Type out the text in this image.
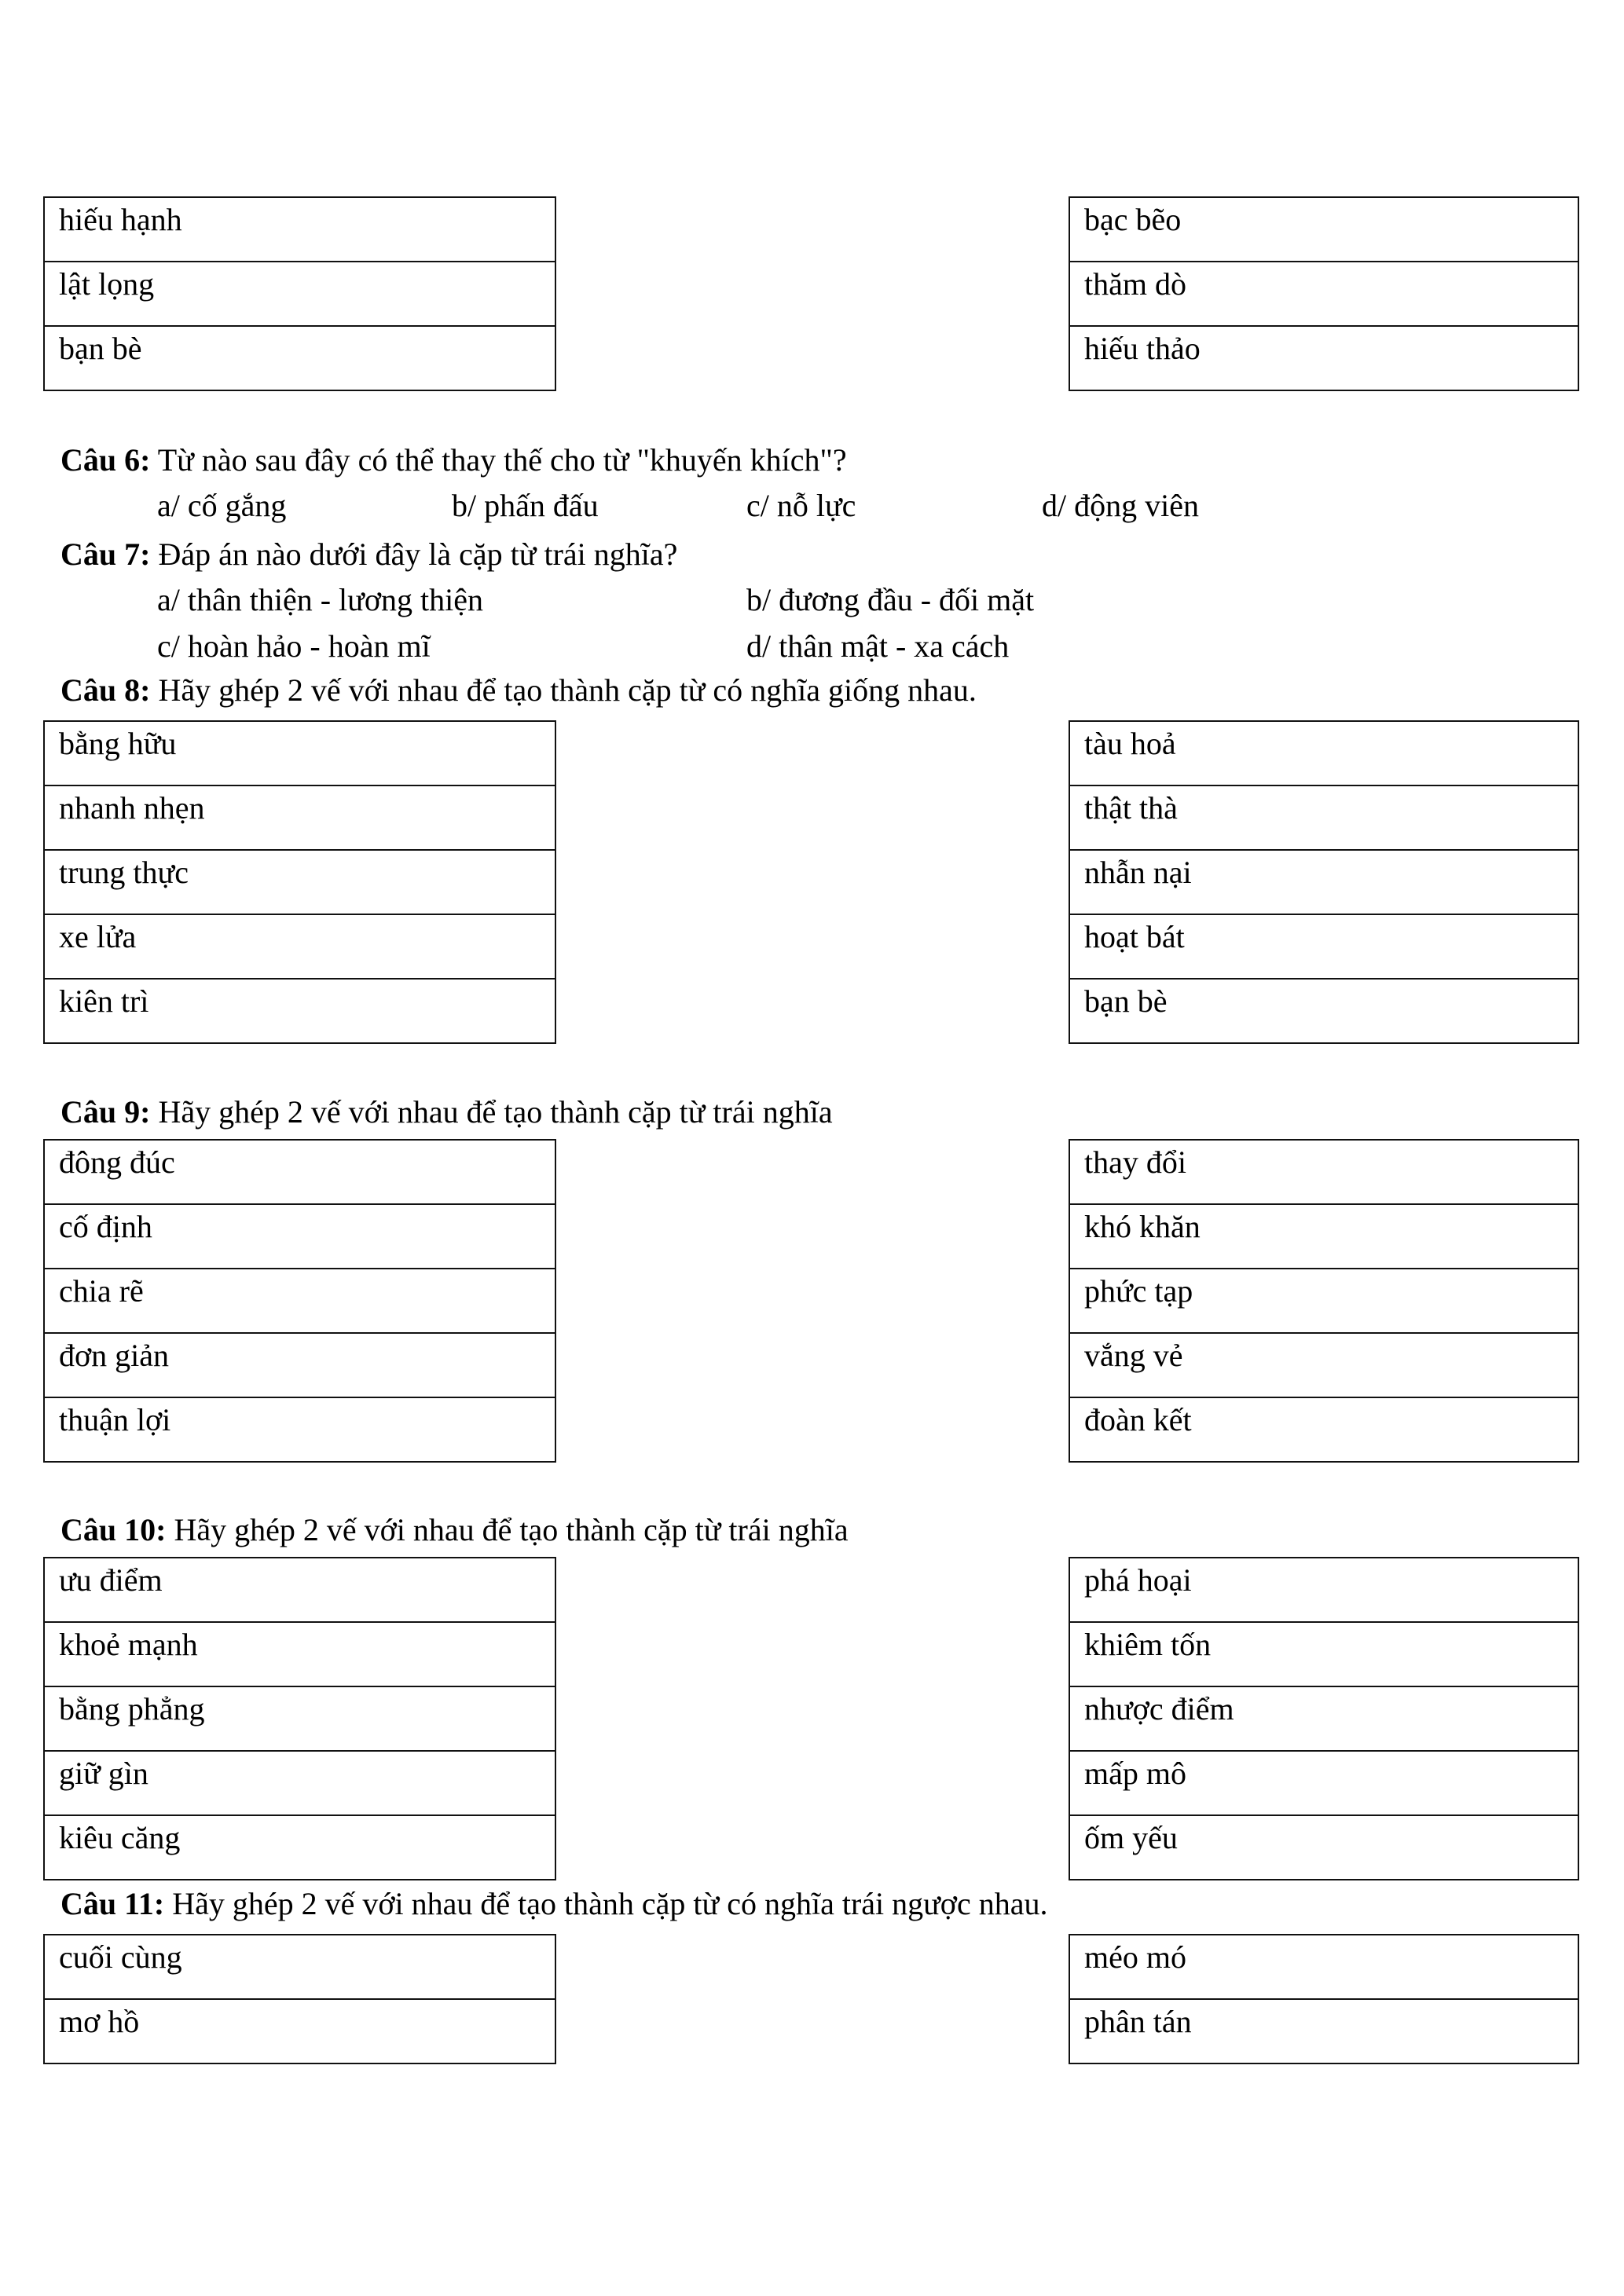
hiếu hạnh

lật lọng

bạn bè
bạc bẽo

thăm dò

hiếu thảo
Câu 6: Từ nào sau đây có thể thay thế cho từ "khuyến khích"?
a/ cố gắng	b/ phấn đấu	c/ nỗ lực	d/ động viên
Câu 7: Đáp án nào dưới đây là cặp từ trái nghĩa?
a/ thân thiện - lương thiện	b/ đương đầu - đối mặt
c/ hoàn hảo - hoàn mĩ	d/ thân mật - xa cách
Câu 8: Hãy ghép 2 vế với nhau để tạo thành cặp từ có nghĩa giống nhau.
bằng hữu

nhanh nhẹn

trung thực

xe lửa

kiên trì
tàu hoả

thật thà

nhẫn nại

hoạt bát

bạn bè
Câu 9: Hãy ghép 2 vế với nhau để tạo thành cặp từ trái nghĩa
đông đúc

cố định

chia rẽ

đơn giản

thuận lợi
thay đổi

khó khăn

phức tạp

vắng vẻ

đoàn kết
Câu 10: Hãy ghép 2 vế với nhau để tạo thành cặp từ trái nghĩa
ưu điểm

khoẻ mạnh

bằng phẳng

giữ gìn

kiêu căng
phá hoại

khiêm tốn

nhược điểm

mấp mô

ốm yếu
Câu 11: Hãy ghép 2 vế với nhau để tạo thành cặp từ có nghĩa trái ngược nhau.
cuối cùng

mơ hồ
méo mó

phân tán
